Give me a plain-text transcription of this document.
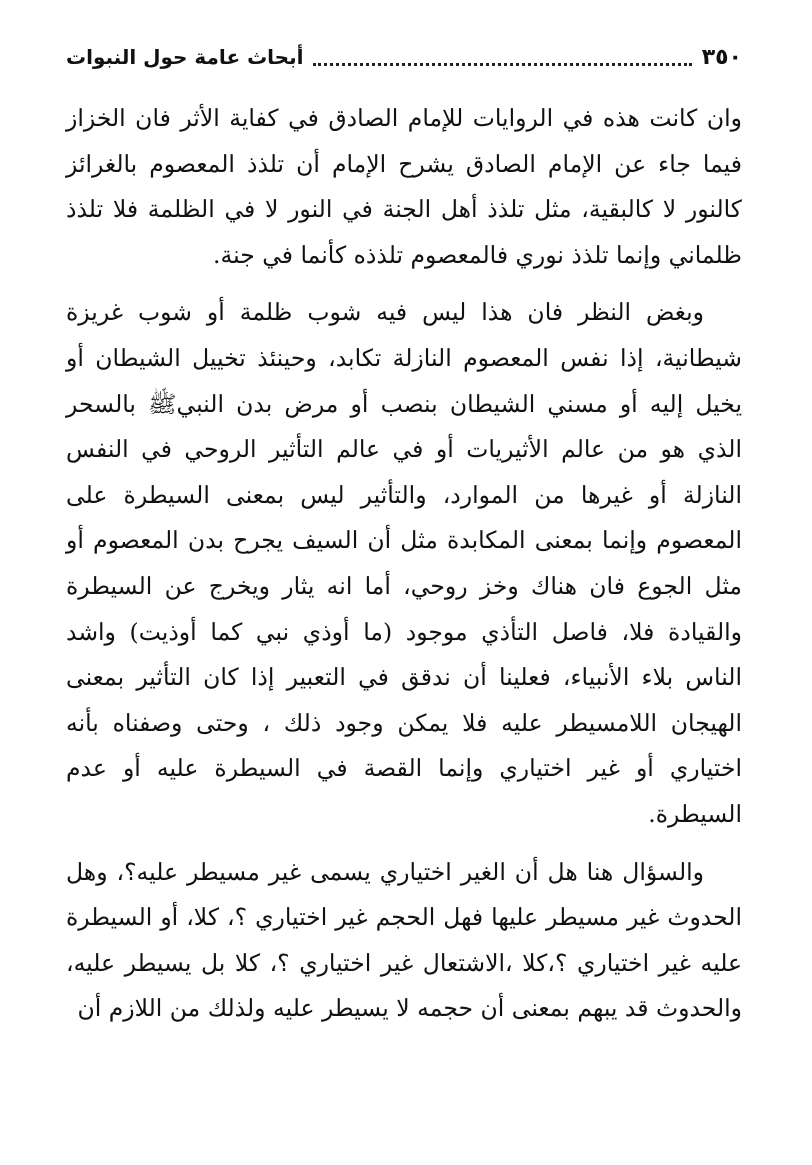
٣٥٠
أبحاث عامة حول النبوات

وان كانت هذه في الروايات للإمام الصادق في كفاية الأثر فان الخزاز فيما جاء عن الإمام الصادق يشرح الإمام أن تلذذ المعصوم بالغرائز كالنور لا كالبقية، مثل تلذذ أهل الجنة في النور لا في الظلمة فلا تلذذ ظلماني وإنما تلذذ نوري فالمعصوم تلذذه كأنما في جنة.

وبغض النظر فان هذا ليس فيه شوب ظلمة أو شوب غريزة شيطانية، إذا نفس المعصوم النازلة تكابد، وحينئذ تخييل الشيطان أو يخيل إليه أو مسني الشيطان بنصب أو مرض بدن النبيﷺ بالسحر الذي هو من عالم الأثيريات أو في عالم التأثير الروحي في النفس النازلة أو غيرها من الموارد، والتأثير ليس بمعنى السيطرة على المعصوم وإنما بمعنى المكابدة مثل أن السيف يجرح بدن المعصوم أو مثل الجوع فان هناك وخز روحي، أما انه يثار ويخرج عن السيطرة والقيادة فلا، فاصل التأذي موجود (ما أوذي نبي كما أوذيت) واشد الناس بلاء الأنبياء، فعلينا أن ندقق في التعبير إذا كان التأثير بمعنى الهيجان اللامسيطر عليه فلا يمكن وجود ذلك ، وحتى وصفناه بأنه اختياري أو غير اختياري وإنما القصة في السيطرة عليه أو عدم السيطرة.

والسؤال هنا هل أن الغير اختياري يسمى غير مسيطر عليه؟، وهل الحدوث غير مسيطر عليها فهل الحجم غير اختياري ؟، كلا، أو السيطرة عليه غير اختياري ؟،كلا ،الاشتعال غير اختياري ؟، كلا بل يسيطر عليه، والحدوث قد يبهم بمعنى أن حجمه لا يسيطر عليه ولذلك من اللازم أن
